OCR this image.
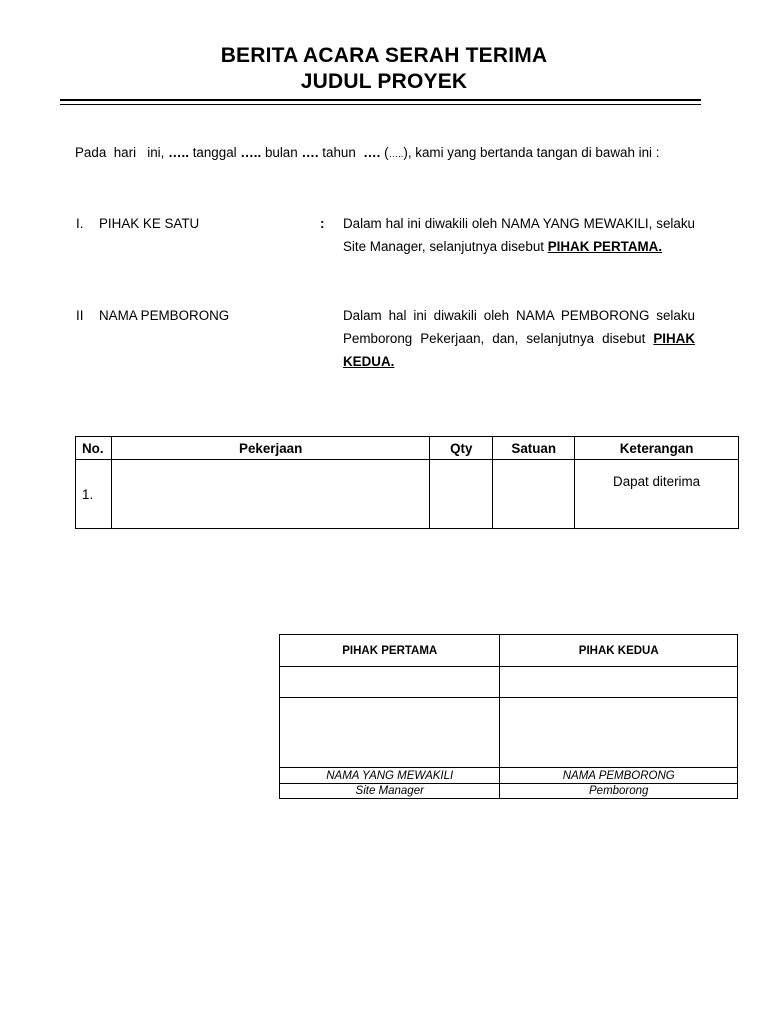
BERITA ACARA SERAH TERIMA
JUDUL PROYEK
Pada hari ini, ….. tanggal ….. bulan …. tahun …. (…..), kami yang bertanda tangan di bawah ini :
I. PIHAK KE SATU	: Dalam hal ini diwakili oleh NAMA YANG MEWAKILI, selaku Site Manager, selanjutnya disebut PIHAK PERTAMA.
II NAMA PEMBORONG	Dalam hal ini diwakili oleh NAMA PEMBORONG selaku Pemborong Pekerjaan, dan, selanjutnya disebut PIHAK KEDUA.
No.	Pekerjaan	Qty	Satuan	Keterangan
1.				Dapat diterima
PIHAK PERTAMA	PIHAK KEDUA

NAMA YANG MEWAKILI	NAMA PEMBORONG
Site Manager	Pemborong
